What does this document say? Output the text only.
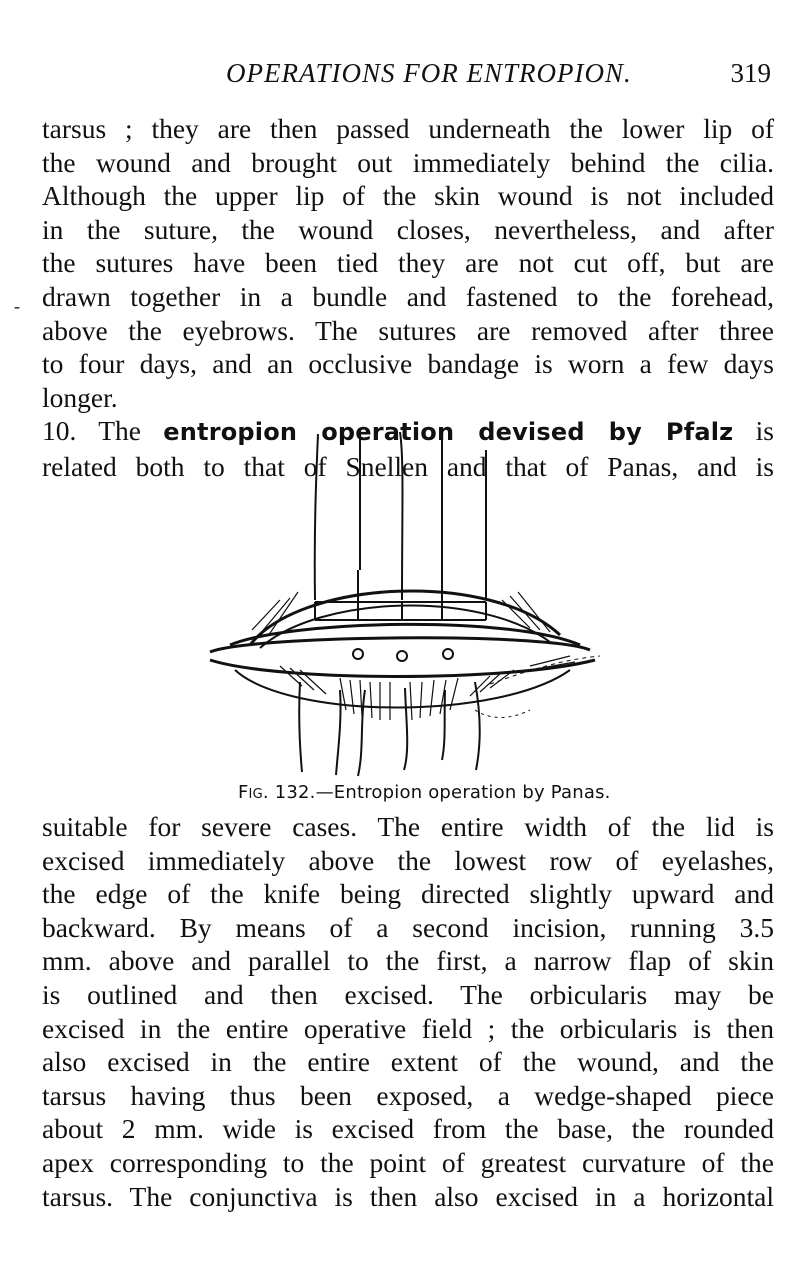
OPERATIONS FOR ENTROPION.	319
-
tarsus ; they are then passed underneath the lower lip of
the wound and brought out immediately behind the cilia.
Although the upper lip of the skin wound is not included
in the suture, the wound closes, nevertheless, and after
the sutures have been tied they are not cut off, but are
drawn together in a bundle and fastened to the forehead,
above the eyebrows. The sutures are removed after three
to four days, and an occlusive bandage is worn a few days
longer.
10. The entropion operation devised by Pfalz is
related both to that of Snellen and that of Panas, and is
Fig. 132.—Entropion operation by Panas.
suitable for severe cases. The entire width of the lid is
excised immediately above the lowest row of eyelashes,
the edge of the knife being directed slightly upward and
backward. By means of a second incision, running 3.5
mm. above and parallel to the first, a narrow flap of skin
is outlined and then excised. The orbicularis may be
excised in the entire operative field ; the orbicularis is then
also excised in the entire extent of the wound, and the
tarsus having thus been exposed, a wedge-shaped piece
about 2 mm. wide is excised from the base, the rounded
apex corresponding to the point of greatest curvature of the
tarsus. The conjunctiva is then also excised in a horizontal
